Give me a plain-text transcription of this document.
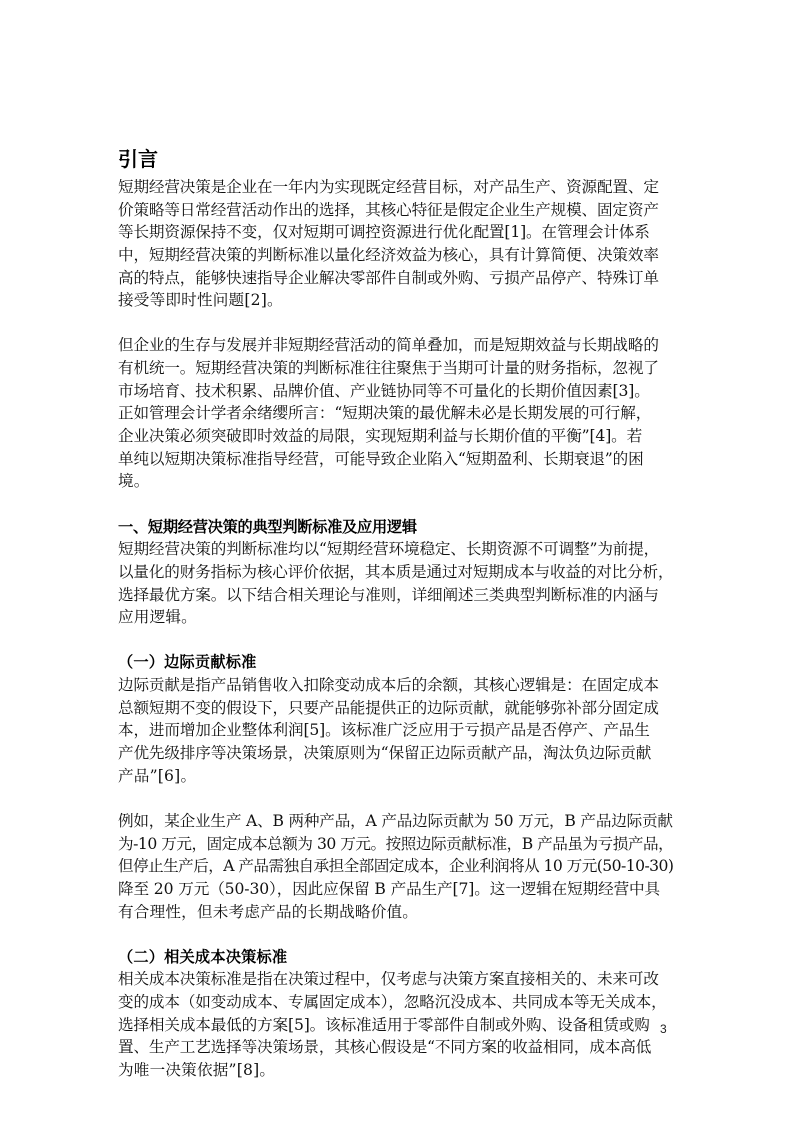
引言
短期经营决策是企业在一年内为实现既定经营目标，对产品生产、资源配置、定
价策略等日常经营活动作出的选择，其核心特征是假定企业生产规模、固定资产
等长期资源保持不变，仅对短期可调控资源进行优化配置[1]。在管理会计体系
中，短期经营决策的判断标准以量化经济效益为核心，具有计算简便、决策效率
高的特点，能够快速指导企业解决零部件自制或外购、亏损产品停产、特殊订单
接受等即时性问题[2]。
但企业的生存与发展并非短期经营活动的简单叠加，而是短期效益与长期战略的
有机统一。短期经营决策的判断标准往往聚焦于当期可计量的财务指标，忽视了
市场培育、技术积累、品牌价值、产业链协同等不可量化的长期价值因素[3]。
正如管理会计学者余绪缨所言：“短期决策的最优解未必是长期发展的可行解，
企业决策必须突破即时效益的局限，实现短期利益与长期价值的平衡”[4]。若
单纯以短期决策标准指导经营，可能导致企业陷入“短期盈利、长期衰退”的困
境。
一、短期经营决策的典型判断标准及应用逻辑
短期经营决策的判断标准均以“短期经营环境稳定、长期资源不可调整”为前提，
以量化的财务指标为核心评价依据，其本质是通过对短期成本与收益的对比分析，
选择最优方案。以下结合相关理论与准则，详细阐述三类典型判断标准的内涵与
应用逻辑。
（一）边际贡献标准
边际贡献是指产品销售收入扣除变动成本后的余额，其核心逻辑是：在固定成本
总额短期不变的假设下，只要产品能提供正的边际贡献，就能够弥补部分固定成
本，进而增加企业整体利润[5]。该标准广泛应用于亏损产品是否停产、产品生
产优先级排序等决策场景，决策原则为“保留正边际贡献产品，淘汰负边际贡献
产品”[6]。
例如，某企业生产 A、B 两种产品，A 产品边际贡献为 50 万元，B 产品边际贡献
为-10 万元，固定成本总额为 30 万元。按照边际贡献标准，B 产品虽为亏损产品，
但停止生产后，A 产品需独自承担全部固定成本，企业利润将从 10 万元(50-10-30)
降至 20 万元（50-30），因此应保留 B 产品生产[7]。这一逻辑在短期经营中具
有合理性，但未考虑产品的长期战略价值。
（二）相关成本决策标准
相关成本决策标准是指在决策过程中，仅考虑与决策方案直接相关的、未来可改
变的成本（如变动成本、专属固定成本），忽略沉没成本、共同成本等无关成本，
选择相关成本最低的方案[5]。该标准适用于零部件自制或外购、设备租赁或购
置、生产工艺选择等决策场景，其核心假设是“不同方案的收益相同，成本高低
为唯一决策依据”[8]。
3
